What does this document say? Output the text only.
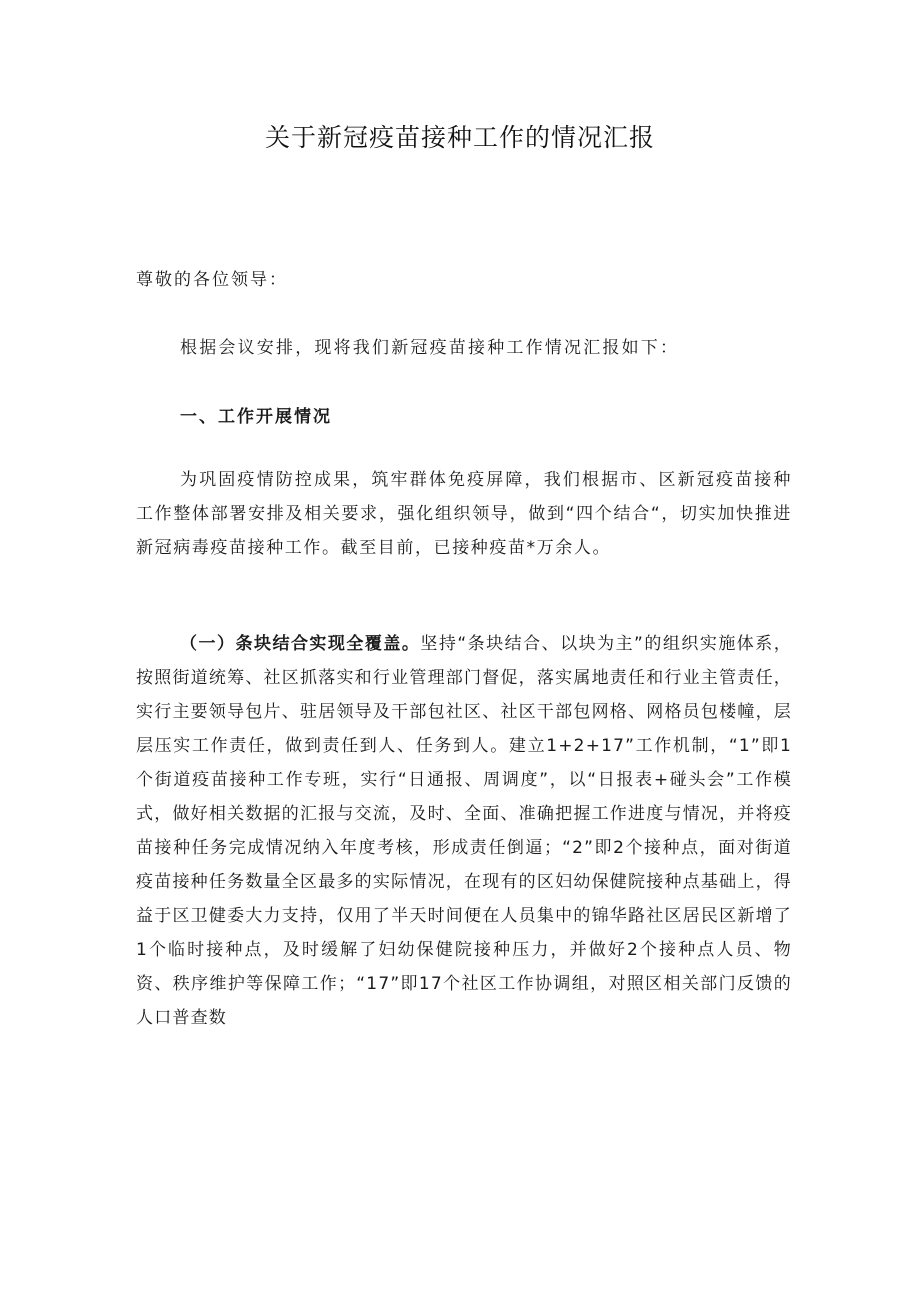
关于新冠疫苗接种工作的情况汇报
尊敬的各位领导：
根据会议安排，现将我们新冠疫苗接种工作情况汇报如下：
一、工作开展情况
为巩固疫情防控成果，筑牢群体免疫屏障，我们根据市、区新冠疫苗接种工作整体部署安排及相关要求，强化组织领导，做到“四个结合“，切实加快推进新冠病毒疫苗接种工作。截至目前，已接种疫苗*万余人。
（一）条块结合实现全覆盖。坚持“条块结合、以块为主”的组织实施体系，按照街道统筹、社区抓落实和行业管理部门督促，落实属地责任和行业主管责任，实行主要领导包片、驻居领导及干部包社区、社区干部包网格、网格员包楼幢，层层压实工作责任，做到责任到人、任务到人。建立1+2+17”工作机制，“1”即1个街道疫苗接种工作专班，实行“日通报、周调度”，以“日报表+碰头会”工作模式，做好相关数据的汇报与交流，及时、全面、准确把握工作进度与情况，并将疫苗接种任务完成情况纳入年度考核，形成责任倒逼；“2”即2个接种点，面对街道疫苗接种任务数量全区最多的实际情况，在现有的区妇幼保健院接种点基础上，得益于区卫健委大力支持，仅用了半天时间便在人员集中的锦华路社区居民区新增了1个临时接种点，及时缓解了妇幼保健院接种压力，并做好2个接种点人员、物资、秩序维护等保障工作；“17”即17个社区工作协调组，对照区相关部门反馈的人口普查数
